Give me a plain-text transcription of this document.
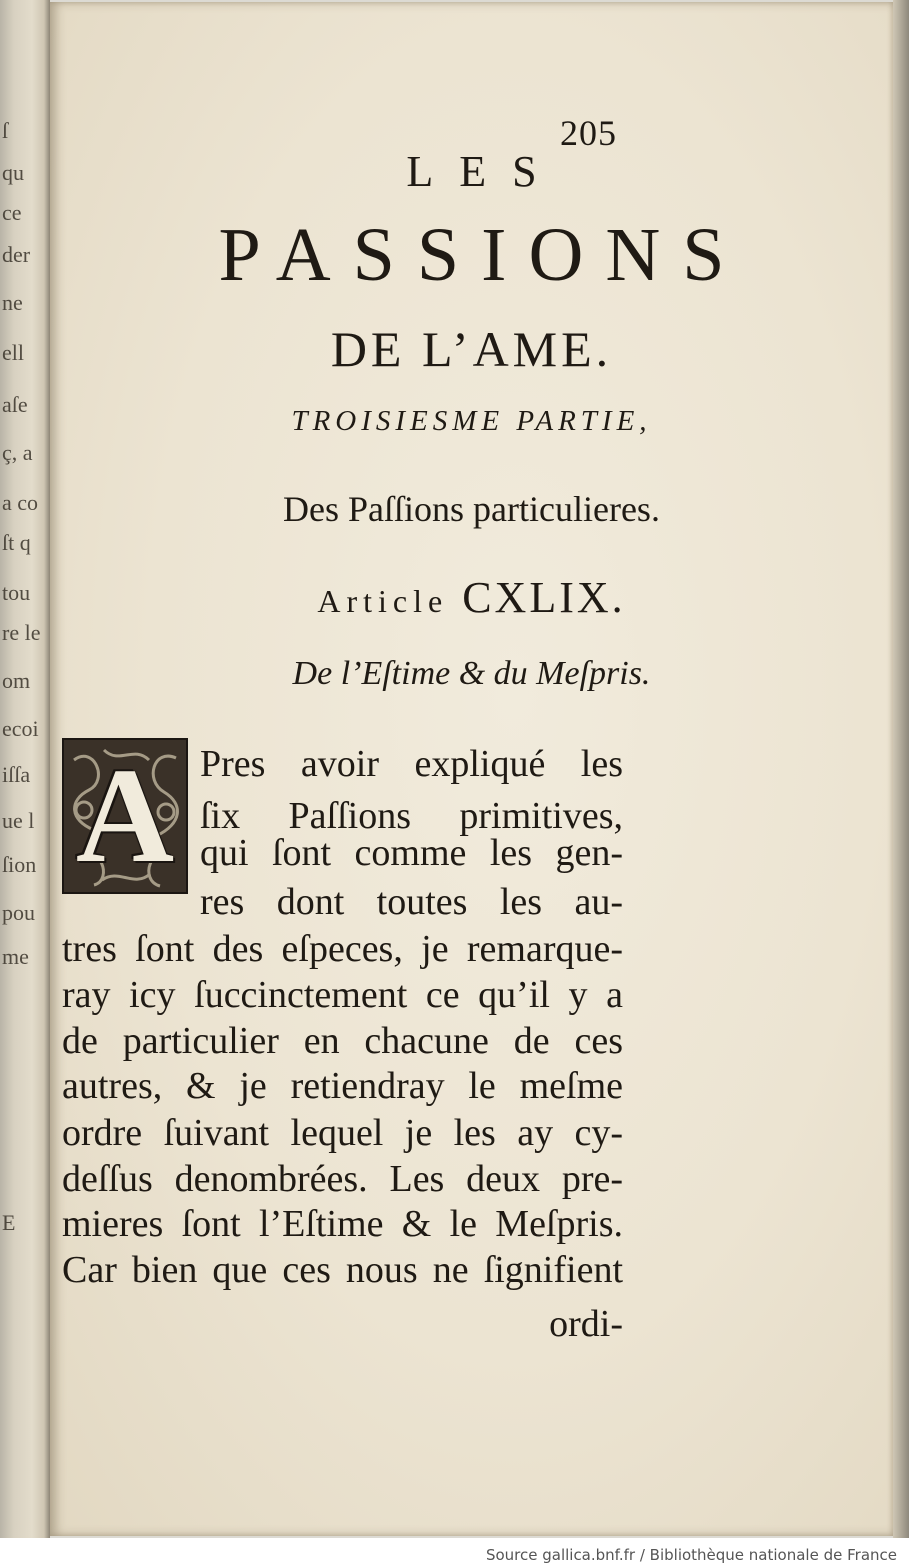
ſ
qu
ce
der
ne
ell
aſe
ç, a
a co
ſt q
tou
re le
om
ecoi
iſſa
ue l
ſion
pou
me
E
205
LES
PASSIONS
DE L’AME.
TROISIESME PARTIE,
Des Paſſions particulieres.
Article CXLIX.
De l’Eſtime & du Meſpris.
A Pres avoir expliqué les
ſix Paſſions primitives,
qui ſont comme les gen-
res dont toutes les au-
tres ſont des eſpeces, je remarque-
ray icy ſuccinctement ce qu’il y a
de particulier en chacune de ces
autres, & je retiendray le meſme
ordre ſuivant lequel je les ay cy-
deſſus denombrées. Les deux pre-
mieres ſont l’Eſtime & le Meſpris.
Car bien que ces nous ne ſignifient
ordi-
Source gallica.bnf.fr / Bibliothèque nationale de France
